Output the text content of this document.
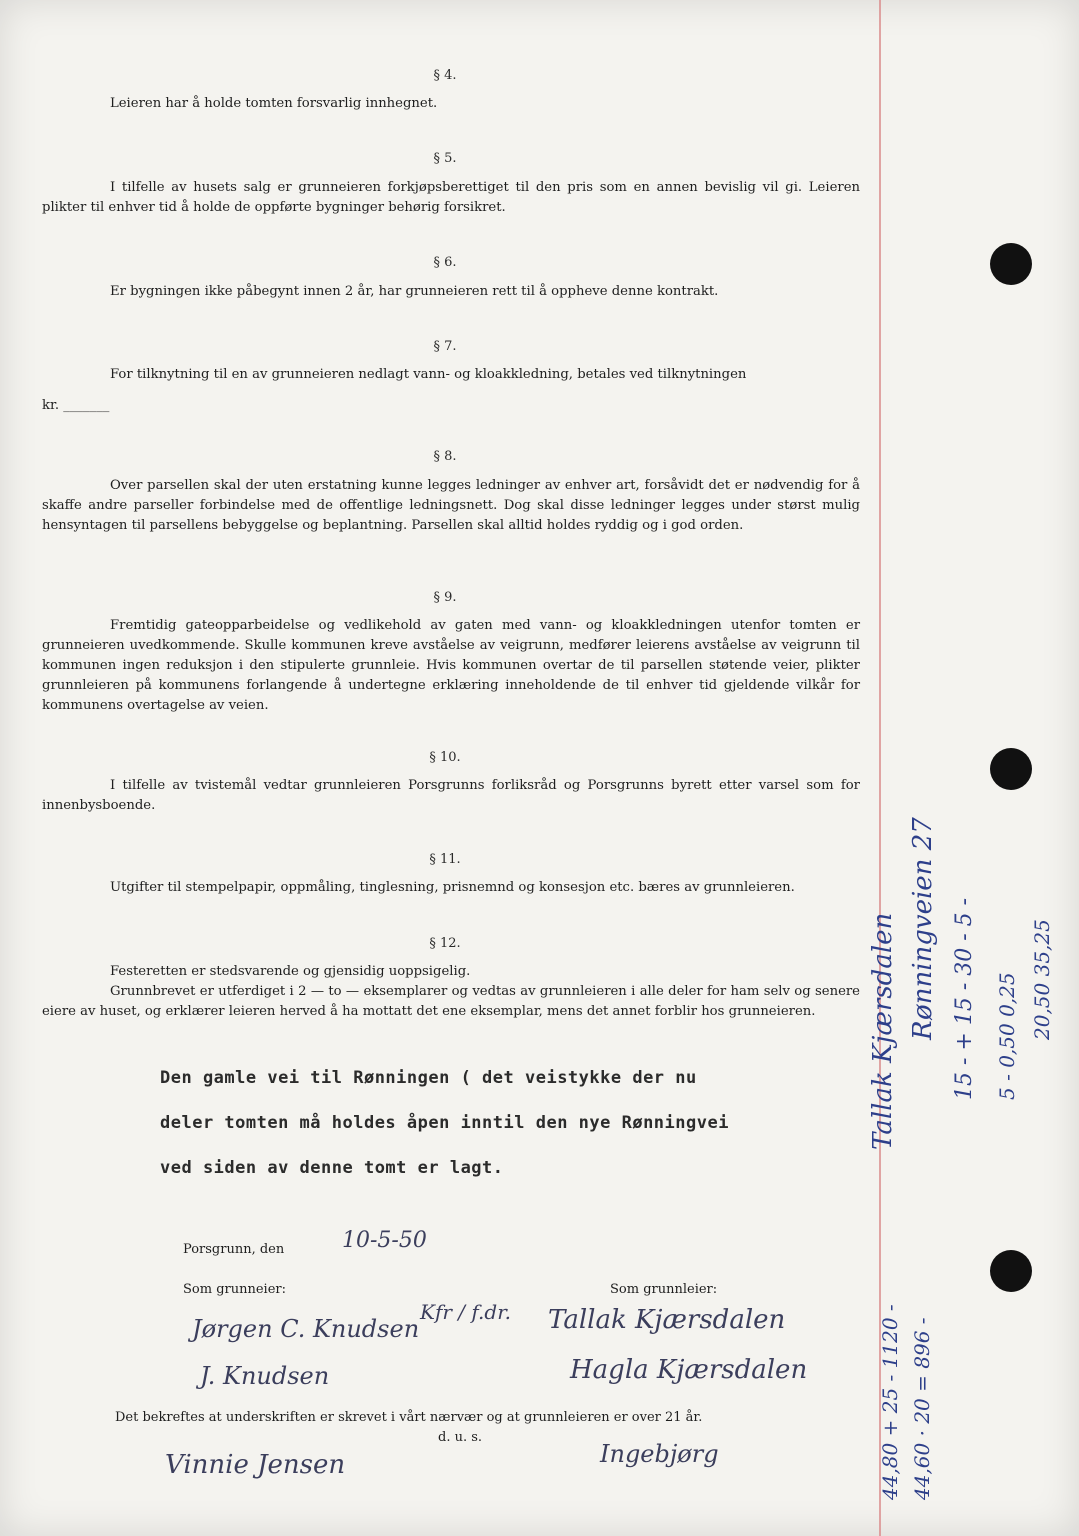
§ 4.

Leieren har å holde tomten forsvarlig innhegnet.

§ 5.

I tilfelle av husets salg er grunneieren forkjøpsberettiget til den pris som en annen bevislig vil gi. Leieren plikter til enhver tid å holde de oppførte bygninger behørig forsikret.

§ 6.

Er bygningen ikke påbegynt innen 2 år, har grunneieren rett til å oppheve denne kontrakt.

§ 7.

For tilknytning til en av grunneieren nedlagt vann- og kloakkledning, betales ved tilknytningen

kr. _______

§ 8.

Over parsellen skal der uten erstatning kunne legges ledninger av enhver art, forsåvidt det er nødvendig for å skaffe andre parseller forbindelse med de offentlige ledningsnett. Dog skal disse ledninger legges under størst mulig hensyntagen til parsellens bebyggelse og beplantning. Parsellen skal alltid holdes ryddig og i god orden.

§ 9.

Fremtidig gateopparbeidelse og vedlikehold av gaten med vann- og kloakkledningen utenfor tomten er grunneieren uvedkommende. Skulle kommunen kreve avståelse av veigrunn, medfører leierens avståelse av veigrunn til kommunen ingen reduksjon i den stipulerte grunnleie. Hvis kommunen overtar de til parsellen støtende veier, plikter grunnleieren på kommunens forlangende å undertegne erklæring inneholdende de til enhver tid gjeldende vilkår for kommunens overtagelse av veien.

§ 10.

I tilfelle av tvistemål vedtar grunnleieren Porsgrunns forliksråd og Porsgrunns byrett etter varsel som for innenbysboende.

§ 11.

Utgifter til stempelpapir, oppmåling, tinglesning, prisnemnd og konsesjon etc. bæres av grunnleieren.

§ 12.

Festeretten er stedsvarende og gjensidig uoppsigelig.

Grunnbrevet er utferdiget i 2 — to — eksemplarer og vedtas av grunnleieren i alle deler for ham selv og senere eiere av huset, og erklærer leieren herved å ha mottatt det ene eksemplar, mens det annet forblir hos grunneieren.

Den gamle vei til Rønningen ( det veistykke der nu
deler tomten må holdes åpen inntil den nye Rønningvei
ved siden av denne tomt er lagt.
Porsgrunn, den	10-5-50
Som grunneier:	Som grunnleier:
Jørgen C. Knudsen
J. Knudsen
Kfr / f.dr. Tallak Kjærsdalen
Hagla Kjærsdalen
Det bekreftes at underskriften er skrevet i vårt nærvær og at grunnleieren er over 21 år.
d. u. s.
Vinnie Jensen	Ingebjørg
Tallak Kjærsdalen Rønningveien 27 15 - + 15 - 30 - 5 - 5 - 0,50 0,25 20,50 35,25
44,80 + 25 - 1120 - 44,60 · 20 = 896 -
